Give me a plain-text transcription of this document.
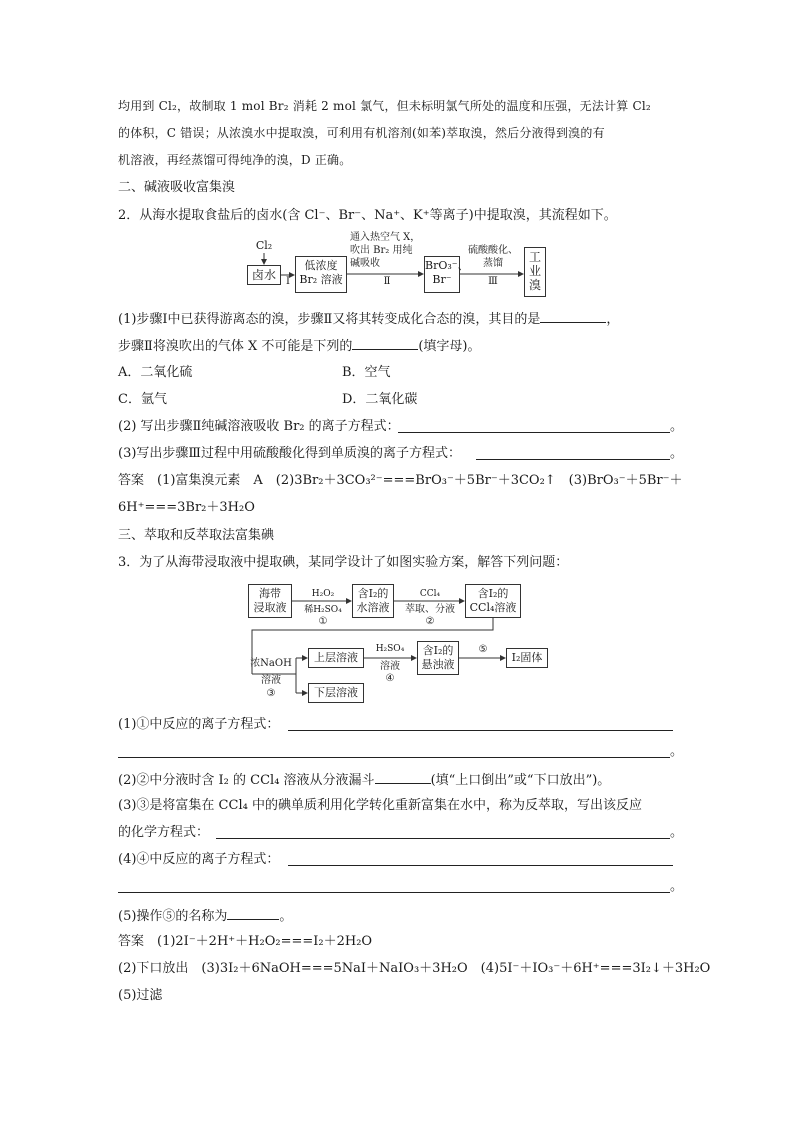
均用到 Cl₂，故制取 1 mol Br₂ 消耗 2 mol 氯气，但未标明氯气所处的温度和压强，无法计算 Cl₂
的体积，C 错误；从浓溴水中提取溴，可利用有机溶剂(如苯)萃取溴，然后分液得到溴的有
机溶液，再经蒸馏可得纯净的溴，D 正确。
二、碱液吸收富集溴
2．从海水提取食盐后的卤水(含 Cl⁻、Br⁻、Na⁺、K⁺等离子)中提取溴，其流程如下。
Cl₂
卤水	Ⅰ
低浓度
Br₂ 溶液
通入热空气 X，
吹出 Br₂ 用纯
碱吸收
Ⅱ
BrO₃⁻、
Br⁻
硫酸酸化、
蒸馏
Ⅲ
工
业
溴
(1)步骤Ⅰ中已获得游离态的溴，步骤Ⅱ又将其转变成化合态的溴，其目的是	，
步骤Ⅱ将溴吹出的气体 X 不可能是下列的	(填字母)。
A．二氧化硫	B．空气
C．氩气	D．二氧化碳
(2) 写出步骤Ⅱ纯碱溶液吸收 Br₂ 的离子方程式：	。
(3)写出步骤Ⅲ过程中用硫酸酸化得到单质溴的离子方程式：	。
答案　(1)富集溴元素　A　(2)3Br₂＋3CO₃²⁻===BrO₃⁻＋5Br⁻＋3CO₂↑　(3)BrO₃⁻＋5Br⁻＋
6H⁺===3Br₂＋3H₂O
三、萃取和反萃取法富集碘
3．为了从海带浸取液中提取碘，某同学设计了如图实验方案，解答下列问题：
海带
浸取液
H₂O₂
稀H₂SO₄
①
含I₂的
水溶液
CCl₄
萃取、分液
②
含I₂的
CCl₄溶液
浓NaOH
溶液
③
上层溶液
下层溶液
H₂SO₄
溶液
④
含I₂的
悬浊液
⑤
I₂固体
(1)①中反应的离子方程式：
。
(2)②中分液时含 I₂ 的 CCl₄ 溶液从分液漏斗	(填“上口倒出”或“下口放出”)。
(3)③是将富集在 CCl₄ 中的碘单质利用化学转化重新富集在水中，称为反萃取，写出该反应
的化学方程式：	。
(4)④中反应的离子方程式：
。
(5)操作⑤的名称为	。
答案　(1)2I⁻＋2H⁺＋H₂O₂===I₂＋2H₂O
(2)下口放出　(3)3I₂＋6NaOH===5NaI＋NaIO₃＋3H₂O　(4)5I⁻＋IO₃⁻＋6H⁺===3I₂↓＋3H₂O
(5)过滤
